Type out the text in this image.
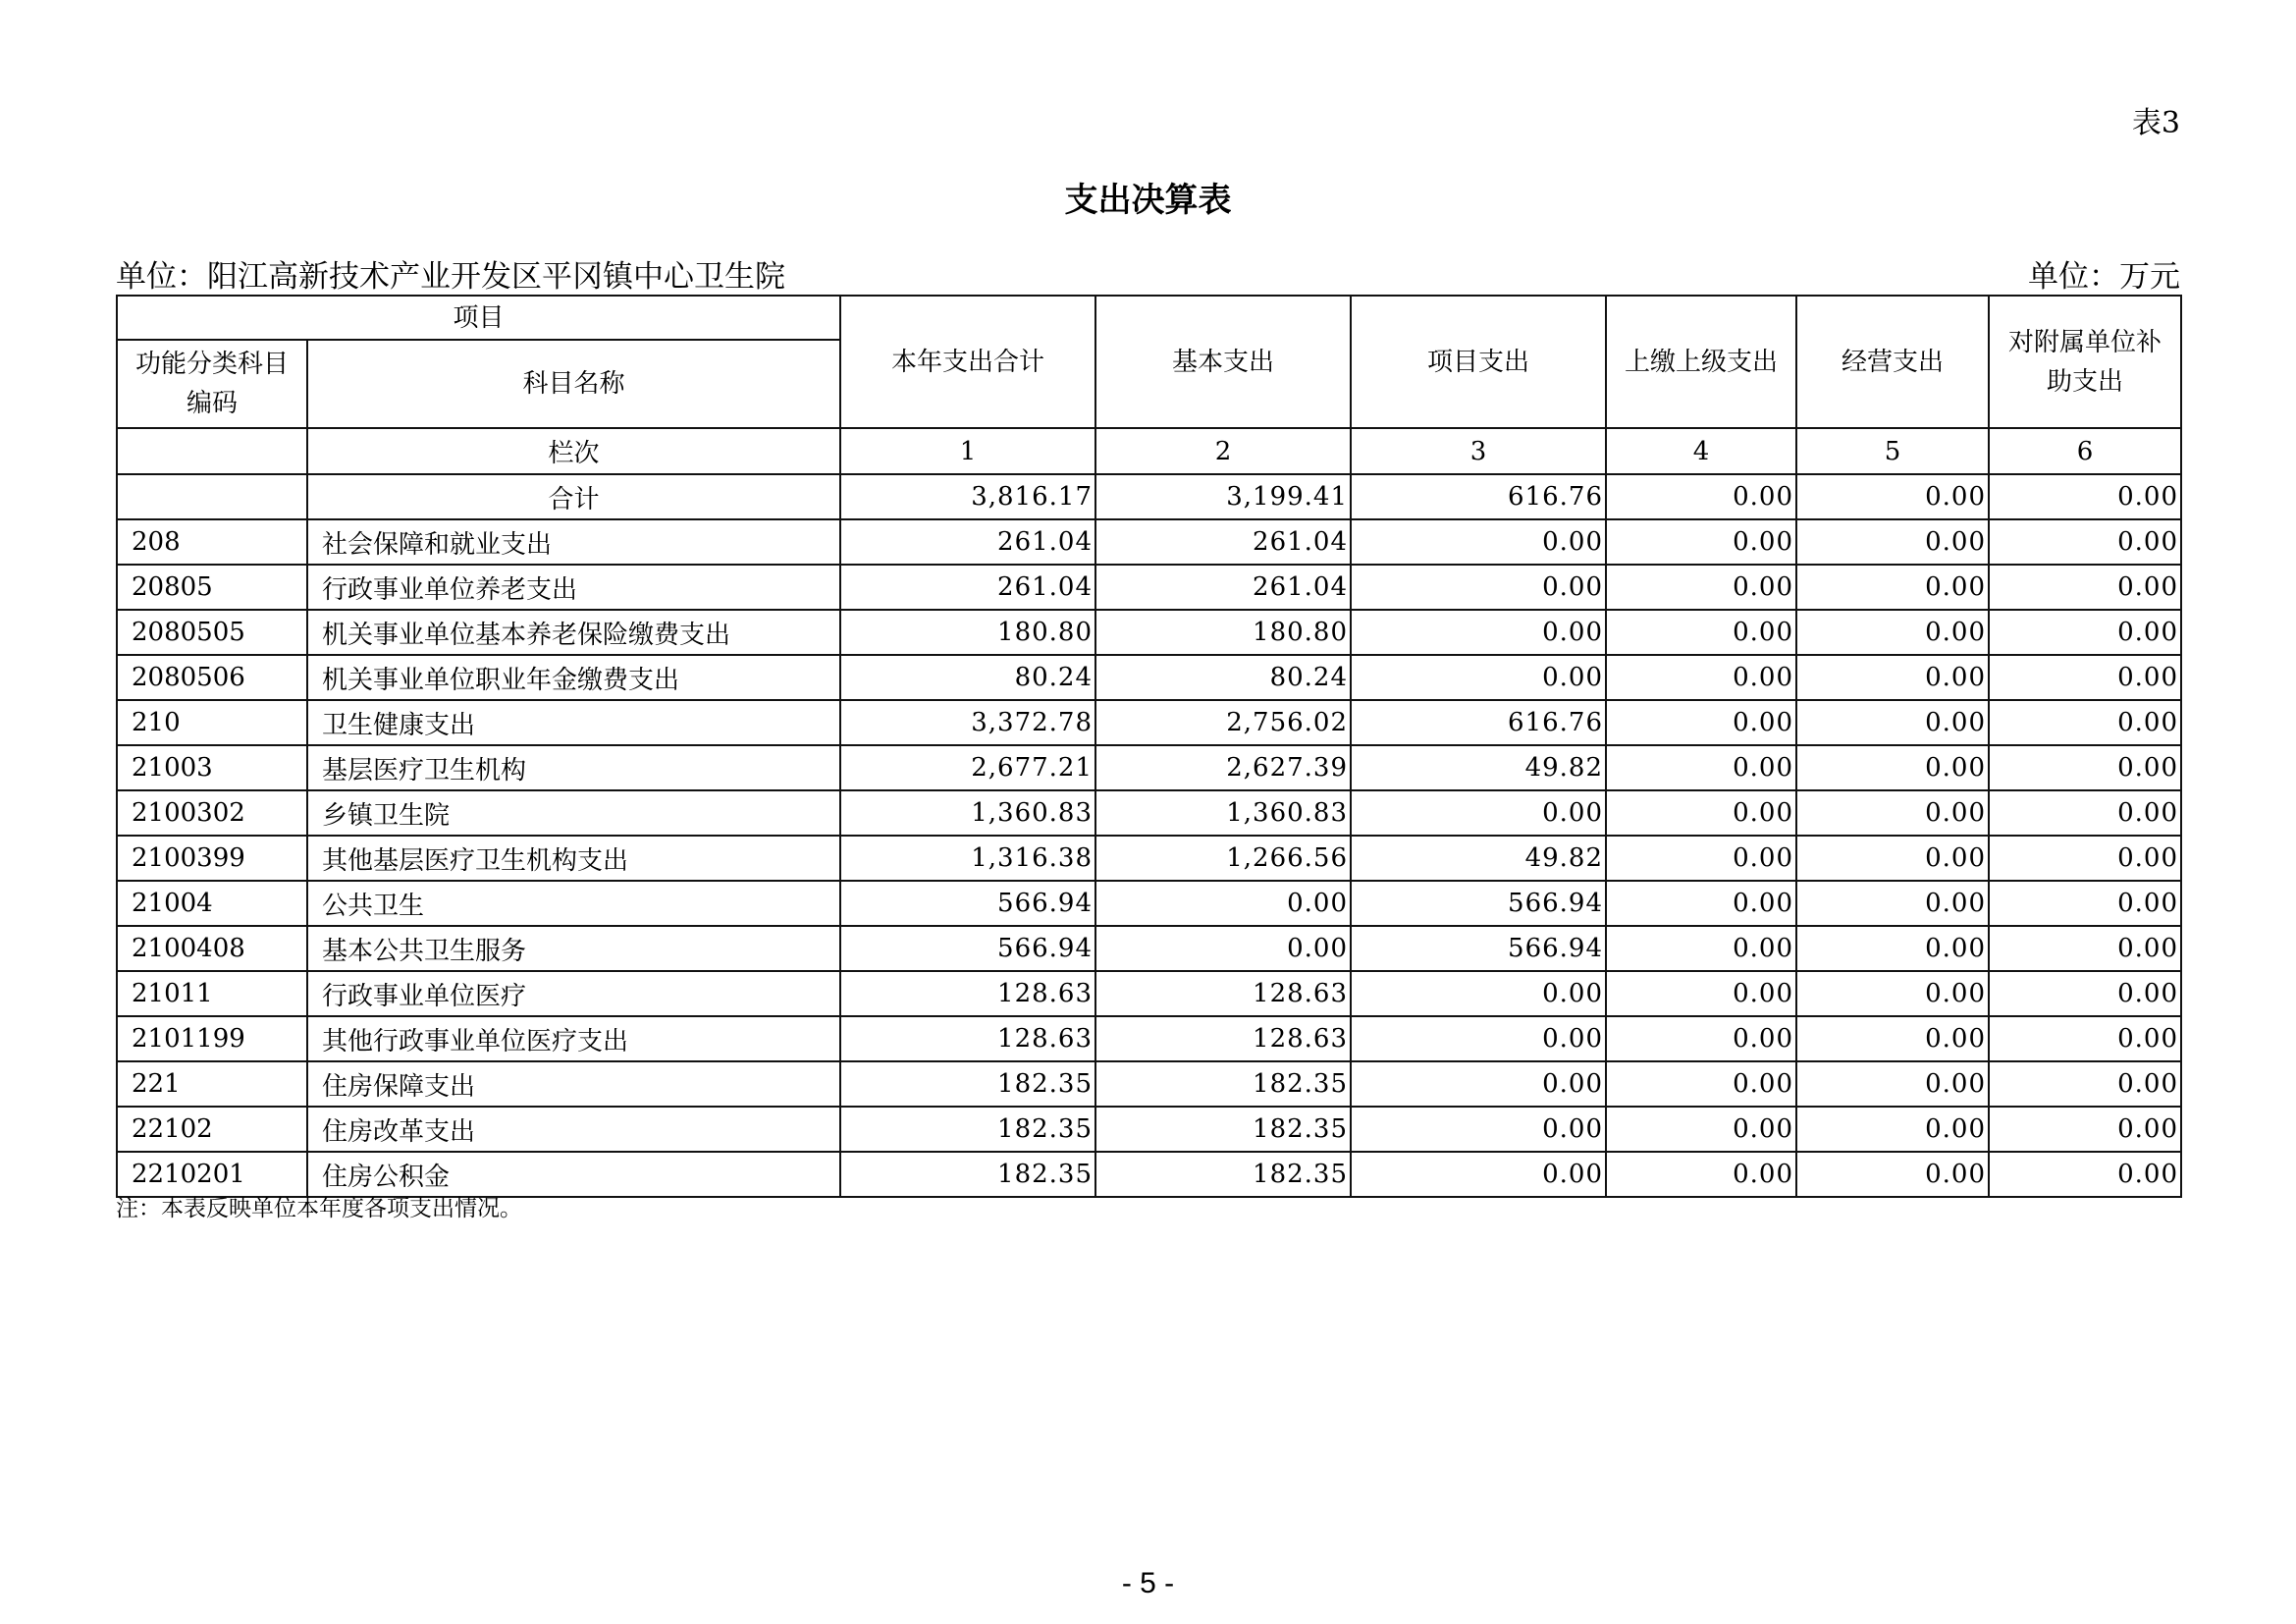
表3
支出决算表
单位：阳江高新技术产业开发区平冈镇中心卫生院	单位：万元
项目		本年支出合计	基本支出	项目支出	上缴上级支出	经营支出	对附属单位补助支出
功能分类科目编码	科目名称						
	栏次	1	2	3	4	5	6
	合计	3,816.17	3,199.41	616.76	0.00	0.00	0.00
208	社会保障和就业支出	261.04	261.04	0.00	0.00	0.00	0.00
20805	行政事业单位养老支出	261.04	261.04	0.00	0.00	0.00	0.00
2080505	机关事业单位基本养老保险缴费支出	180.80	180.80	0.00	0.00	0.00	0.00
2080506	机关事业单位职业年金缴费支出	80.24	80.24	0.00	0.00	0.00	0.00
210	卫生健康支出	3,372.78	2,756.02	616.76	0.00	0.00	0.00
21003	基层医疗卫生机构	2,677.21	2,627.39	49.82	0.00	0.00	0.00
2100302	乡镇卫生院	1,360.83	1,360.83	0.00	0.00	0.00	0.00
2100399	其他基层医疗卫生机构支出	1,316.38	1,266.56	49.82	0.00	0.00	0.00
21004	公共卫生	566.94	0.00	566.94	0.00	0.00	0.00
2100408	基本公共卫生服务	566.94	0.00	566.94	0.00	0.00	0.00
21011	行政事业单位医疗	128.63	128.63	0.00	0.00	0.00	0.00
2101199	其他行政事业单位医疗支出	128.63	128.63	0.00	0.00	0.00	0.00
221	住房保障支出	182.35	182.35	0.00	0.00	0.00	0.00
22102	住房改革支出	182.35	182.35	0.00	0.00	0.00	0.00
2210201	住房公积金	182.35	182.35	0.00	0.00	0.00	0.00
注：本表反映单位本年度各项支出情况。
- 5 -
